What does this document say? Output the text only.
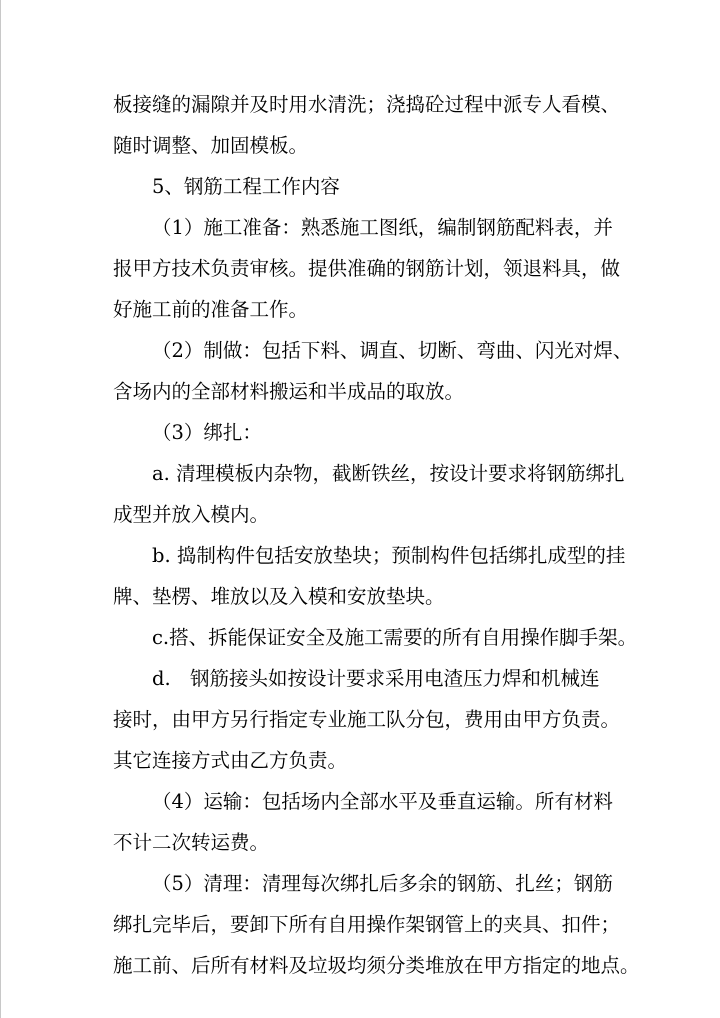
板接缝的漏隙并及时用水清洗；浇捣砼过程中派专人看模、
随时调整、加固模板。
5、钢筋工程工作内容
（1）施工准备：熟悉施工图纸，编制钢筋配料表，并
报甲方技术负责审核。提供准确的钢筋计划，领退料具，做
好施工前的准备工作。
（2）制做：包括下料、调直、切断、弯曲、闪光对焊、
含场内的全部材料搬运和半成品的取放。
（3）绑扎：
a. 清理模板内杂物，截断铁丝，按设计要求将钢筋绑扎
成型并放入模内。
b. 捣制构件包括安放垫块；预制构件包括绑扎成型的挂
牌、垫楞、堆放以及入模和安放垫块。
c.搭、拆能保证安全及施工需要的所有自用操作脚手架。
d. 钢筋接头如按设计要求采用电渣压力焊和机械连
接时，由甲方另行指定专业施工队分包，费用由甲方负责。
其它连接方式由乙方负责。
（4）运输：包括场内全部水平及垂直运输。所有材料
不计二次转运费。
（5）清理：清理每次绑扎后多余的钢筋、扎丝；钢筋
绑扎完毕后，要卸下所有自用操作架钢管上的夹具、扣件；
施工前、后所有材料及垃圾均须分类堆放在甲方指定的地点。
